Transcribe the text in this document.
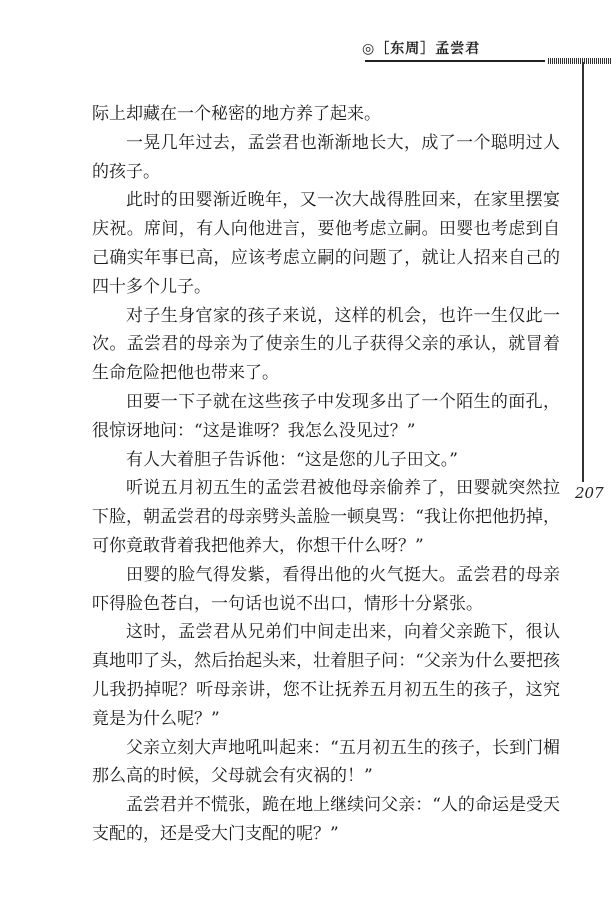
◎［东周］孟尝君
207

际上却藏在一个秘密的地方养了起来。

一晃几年过去，孟尝君也渐渐地长大，成了一个聪明过人的孩子。

此时的田婴渐近晚年，又一次大战得胜回来，在家里摆宴庆祝。席间，有人向他进言，要他考虑立嗣。田婴也考虑到自己确实年事已高，应该考虑立嗣的问题了，就让人招来自己的四十多个儿子。

对子生身官家的孩子来说，这样的机会，也许一生仅此一次。孟尝君的母亲为了使亲生的儿子获得父亲的承认，就冒着生命危险把他也带来了。

田要一下子就在这些孩子中发现多出了一个陌生的面孔，很惊讶地问：“这是谁呀？我怎么没见过？”

有人大着胆子告诉他：“这是您的儿子田文。”

听说五月初五生的孟尝君被他母亲偷养了，田婴就突然拉下脸，朝孟尝君的母亲劈头盖脸一顿臭骂：“我让你把他扔掉，可你竟敢背着我把他养大，你想干什么呀？”

田婴的脸气得发紫，看得出他的火气挺大。孟尝君的母亲吓得脸色苍白，一句话也说不出口，情形十分紧张。

这时，孟尝君从兄弟们中间走出来，向着父亲跪下，很认真地叩了头，然后抬起头来，壮着胆子问：“父亲为什么要把孩儿我扔掉呢？听母亲讲，您不让抚养五月初五生的孩子，这究竟是为什么呢？”

父亲立刻大声地吼叫起来：“五月初五生的孩子，长到门楣那么高的时候，父母就会有灾祸的！”

孟尝君并不慌张，跪在地上继续问父亲：“人的命运是受天支配的，还是受大门支配的呢？”
